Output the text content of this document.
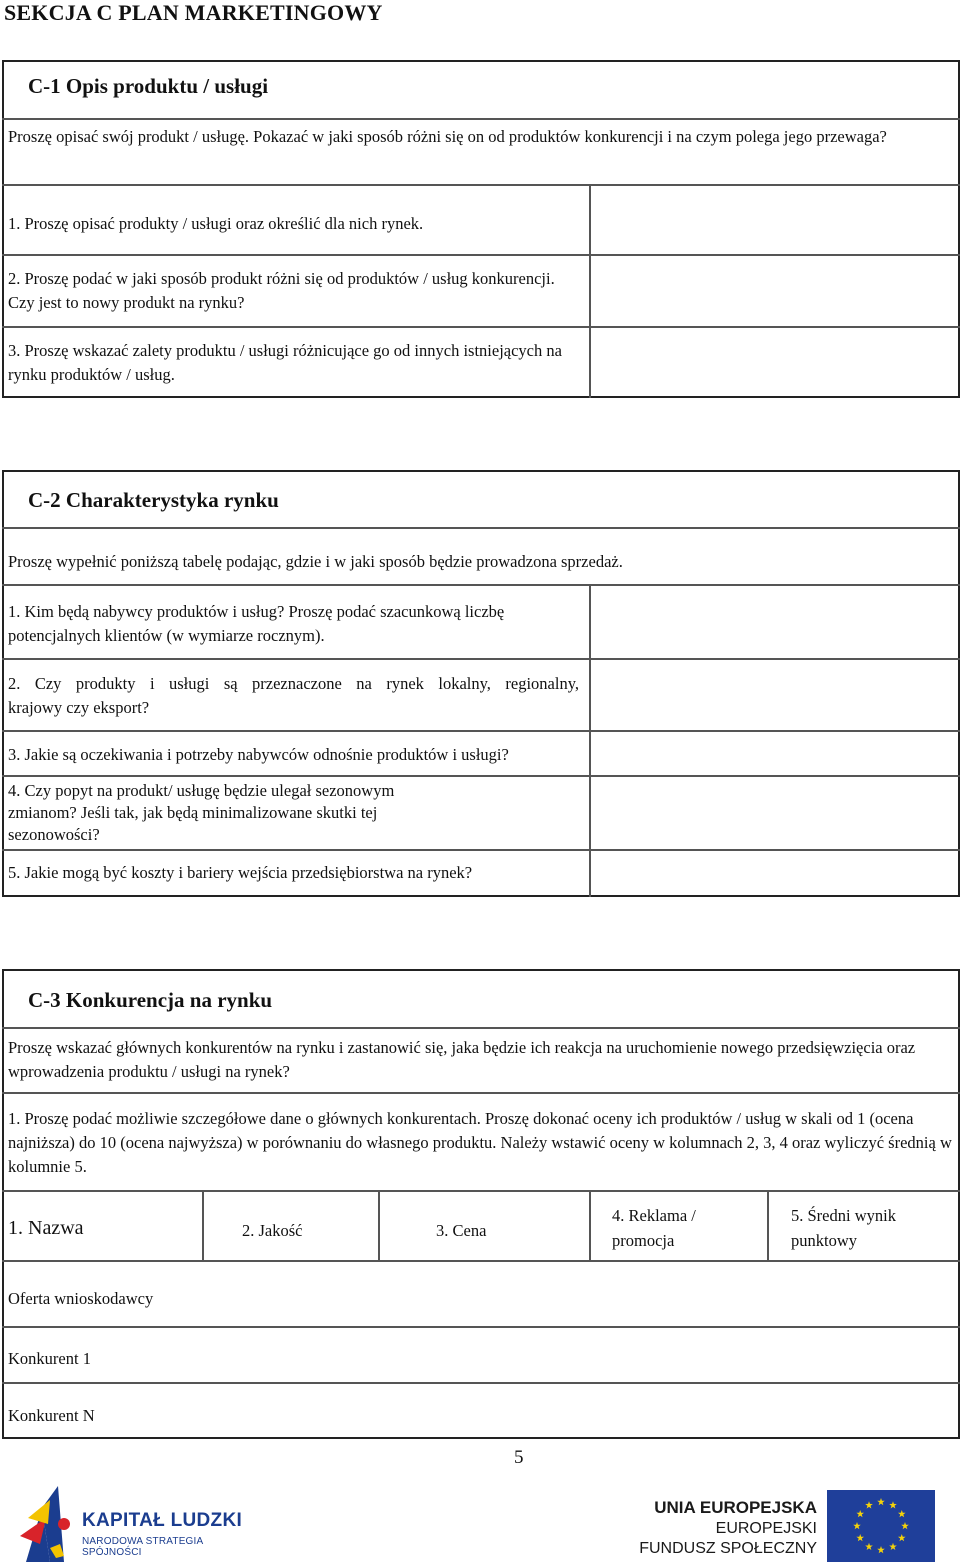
SEKCJA C PLAN MARKETINGOWY
C-1 Opis produktu / usługi
Proszę opisać swój produkt / usługę. Pokazać w jaki sposób różni się on od produktów konkurencji i na czym polega jego przewaga?
1. Proszę opisać produkty / usługi oraz określić dla nich rynek.
2. Proszę podać w jaki sposób produkt różni się od produktów / usług konkurencji. Czy jest to nowy produkt na rynku?
3. Proszę wskazać zalety produktu / usługi różnicujące go od innych istniejących na rynku produktów / usług.
C-2 Charakterystyka rynku
Proszę wypełnić poniższą tabelę podając, gdzie i w jaki sposób będzie prowadzona sprzedaż.
1. Kim będą nabywcy produktów i usług? Proszę podać szacunkową liczbę potencjalnych klientów (w wymiarze rocznym).
2. Czy produkty i usługi są przeznaczone na rynek lokalny, regionalny,
krajowy czy eksport?
3. Jakie są oczekiwania i potrzeby nabywców odnośnie produktów i usługi?
4. Czy popyt na produkt/ usługę będzie ulegał sezonowym zmianom? Jeśli tak, jak będą minimalizowane skutki tej sezonowości?
5. Jakie mogą być koszty i bariery wejścia przedsiębiorstwa na rynek?
C-3 Konkurencja na rynku
Proszę wskazać głównych konkurentów na rynku i zastanowić się, jaka będzie ich reakcja na uruchomienie nowego przedsięwzięcia oraz wprowadzenia produktu / usługi na rynek?
1. Proszę podać możliwie szczegółowe dane o głównych konkurentach. Proszę dokonać oceny ich produktów / usług w skali od 1 (ocena najniższa) do 10 (ocena najwyższa) w porównaniu do własnego produktu. Należy wstawić oceny w kolumnach 2, 3, 4 oraz wyliczyć średnią w kolumnie 5.
1. Nazwa	2. Jakość	3. Cena
4. Reklama / promocja
5. Średni wynik punktowy
Oferta wnioskodawcy
Konkurent 1
Konkurent N
5
KAPITAŁ LUDZKI
NARODOWA STRATEGIA SPÓJNOŚCI
UNIA EUROPEJSKA
EUROPEJSKI
FUNDUSZ SPOŁECZNY
